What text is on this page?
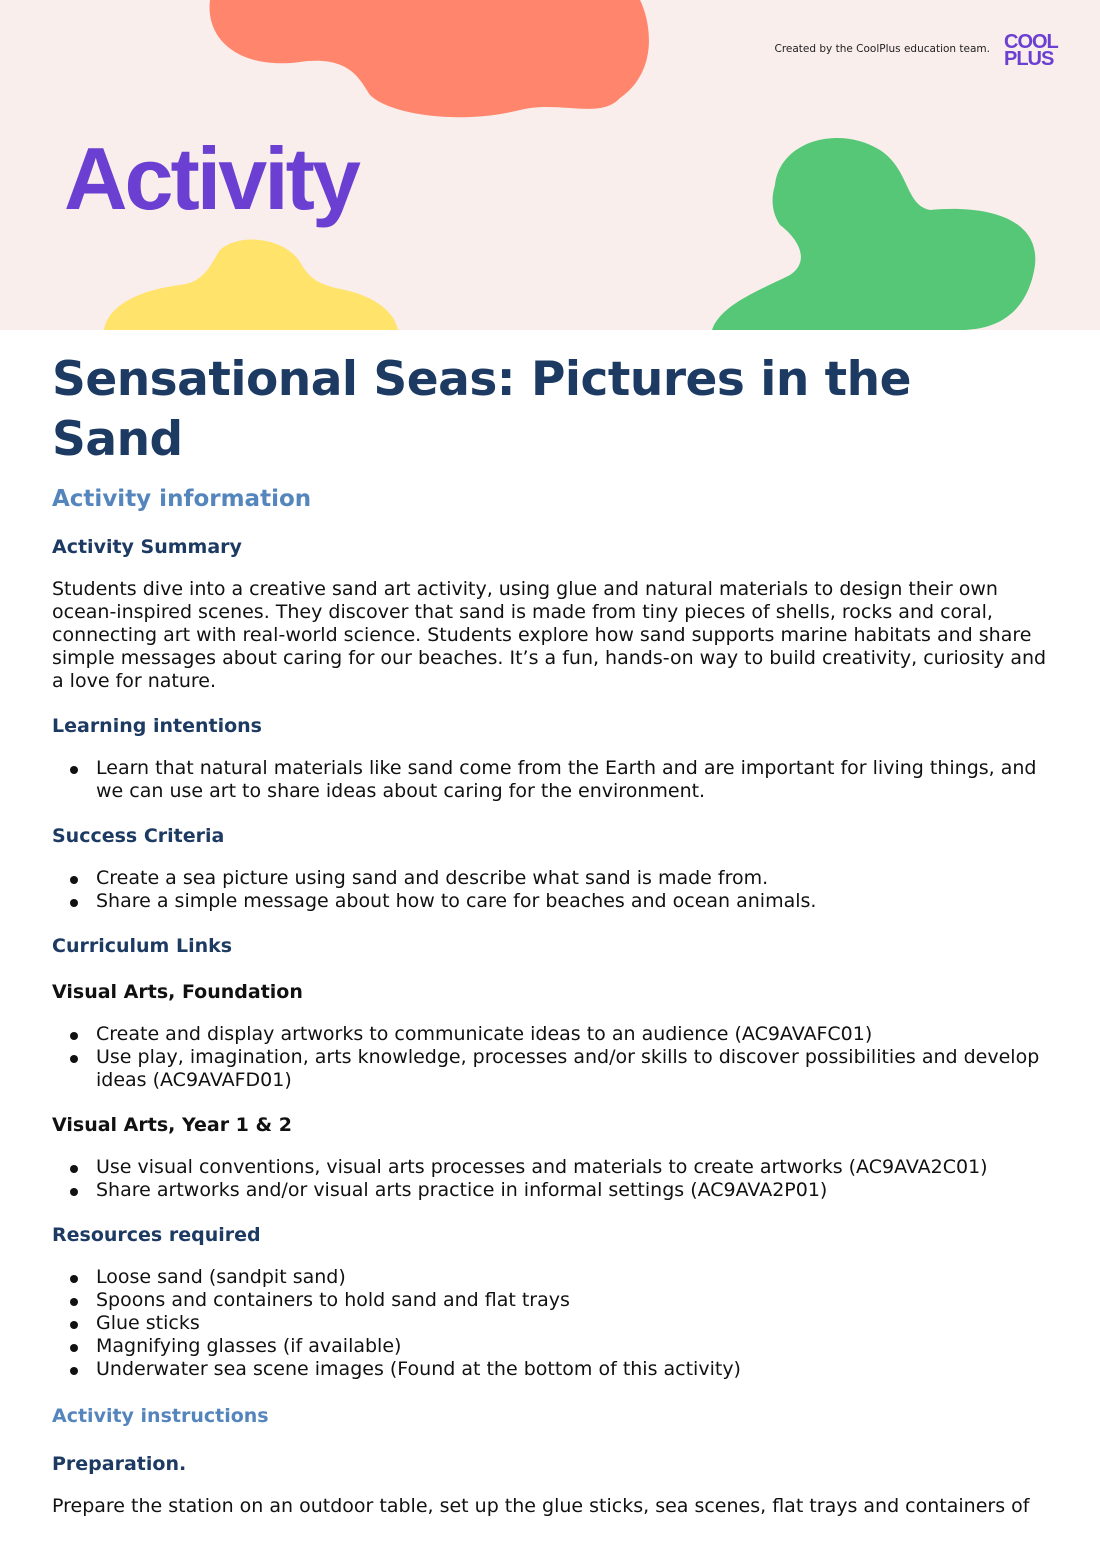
Created by the CoolPlus education team. COOL
PLUS
Activity
Sensational Seas: Pictures in the Sand
Activity information
Activity Summary

Students dive into a creative sand art activity, using glue and natural materials to design their own ocean-inspired scenes. They discover that sand is made from tiny pieces of shells, rocks and coral, connecting art with real-world science. Students explore how sand supports marine habitats and share simple messages about caring for our beaches. It’s a fun, hands-on way to build creativity, curiosity and a love for nature.

Learning intentions
Learn that natural materials like sand come from the Earth and are important for living things, and we can use art to share ideas about caring for the environment.
Success Criteria
Create a sea picture using sand and describe what sand is made from.
Share a simple message about how to care for beaches and ocean animals.
Curriculum Links
Visual Arts, Foundation
Create and display artworks to communicate ideas to an audience (AC9AVAFC01)
Use play, imagination, arts knowledge, processes and/or skills to discover possibilities and develop ideas (AC9AVAFD01)
Visual Arts, Year 1 & 2
Use visual conventions, visual arts processes and materials to create artworks (AC9AVA2C01)
Share artworks and/or visual arts practice in informal settings (AC9AVA2P01)
Resources required
Loose sand (sandpit sand)
Spoons and containers to hold sand and flat trays
Glue sticks
Magnifying glasses (if available)
Underwater sea scene images (Found at the bottom of this activity)
Activity instructions
Preparation.

Prepare the station on an outdoor table, set up the glue sticks, sea scenes, flat trays and containers of
